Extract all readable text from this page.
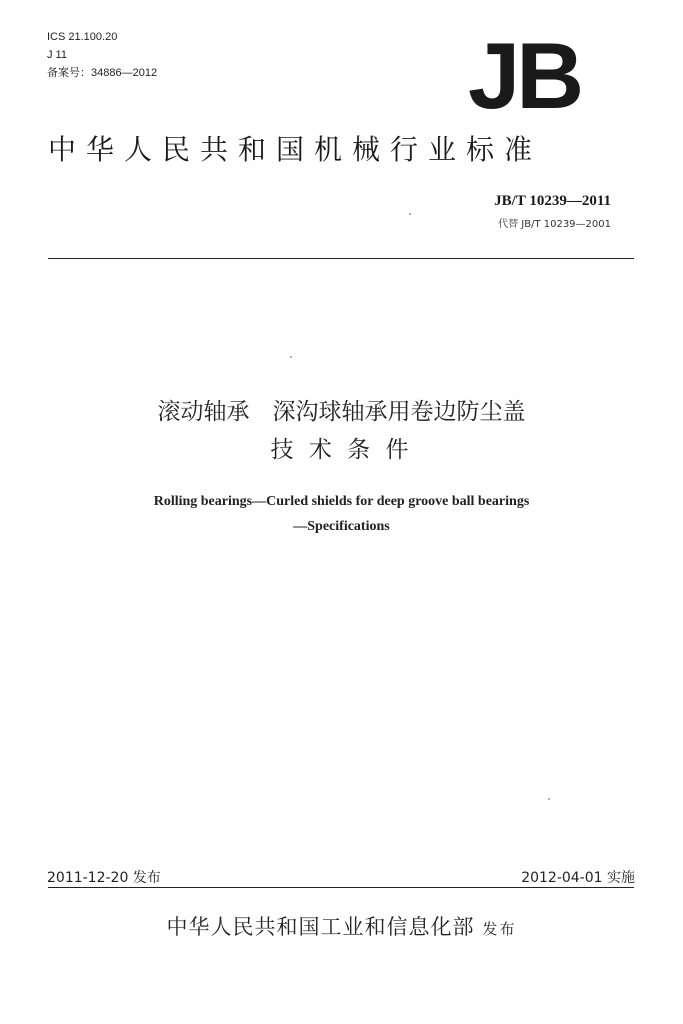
ICS 21.100.20
J 11
备案号：34886—2012	JB
中华人民共和国机械行业标准
JB/T 10239—2011
代替 JB/T 10239—2001
滚动轴承　深沟球轴承用卷边防尘盖
技 术 条 件
Rolling bearings—Curled shields for deep groove ball bearings
—Specifications
2011-12-20 发布	2012-04-01 实施
中华人民共和国工业和信息化部 发布
